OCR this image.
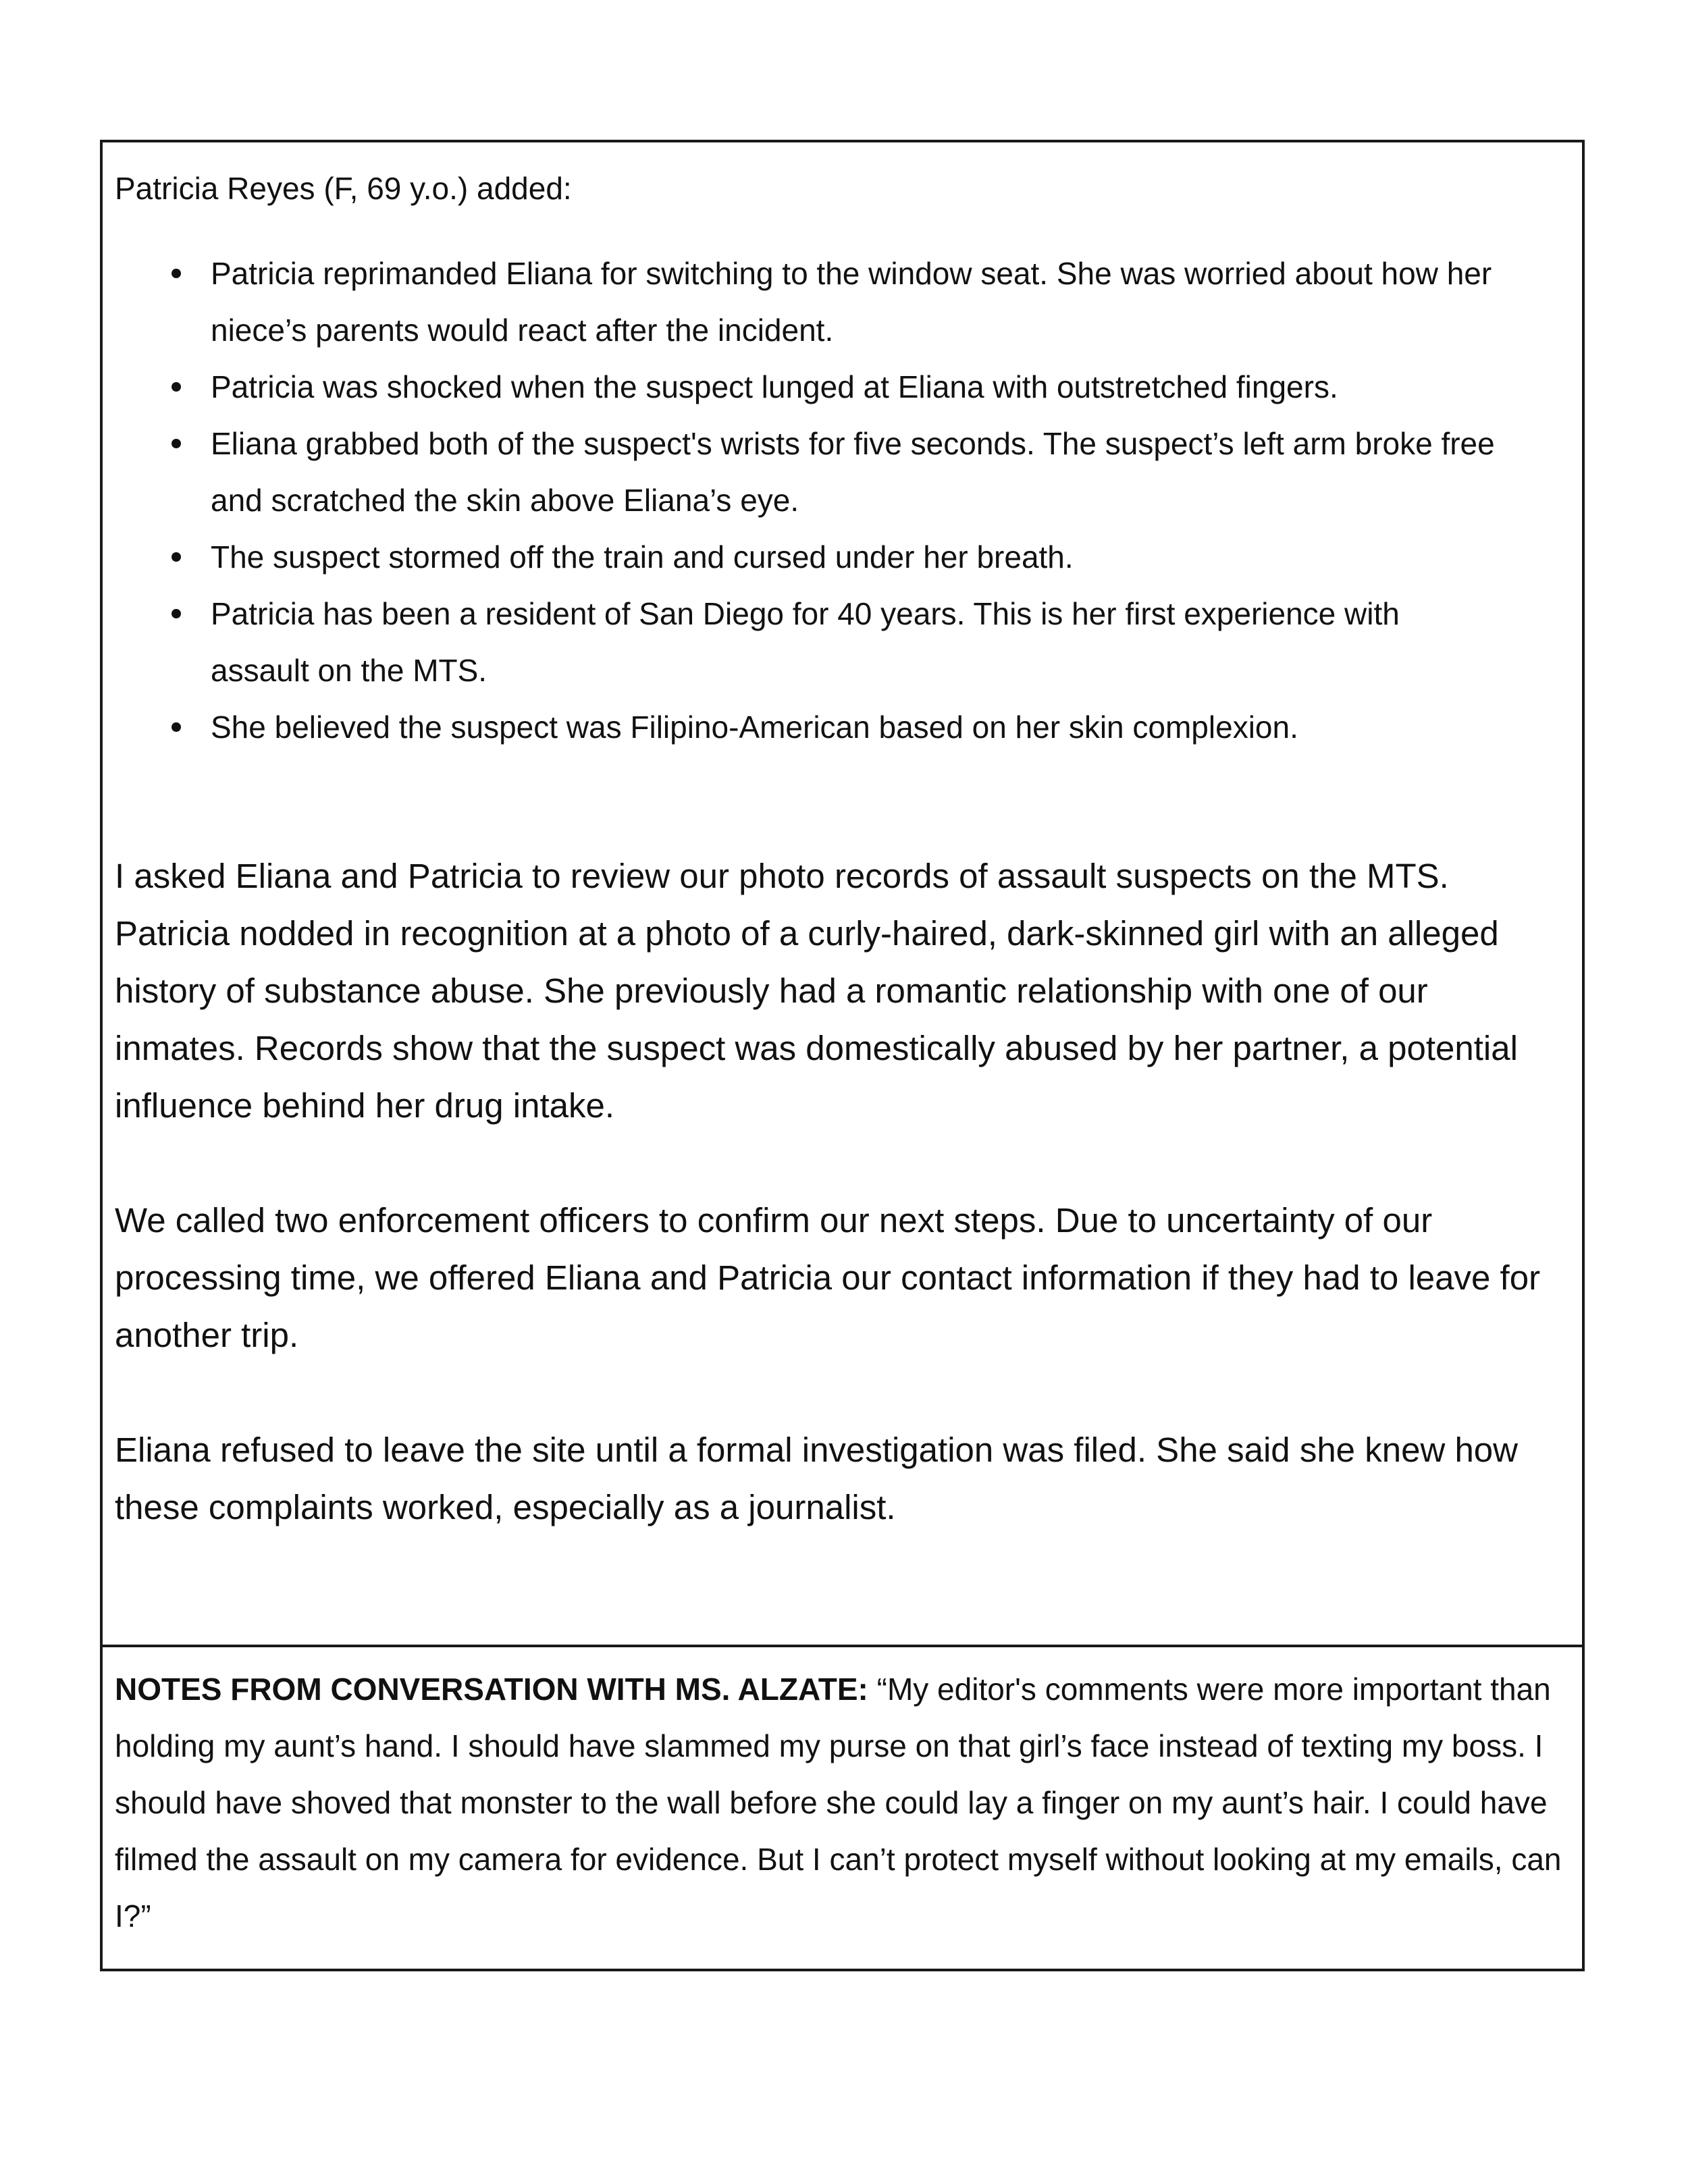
Patricia Reyes (F, 69 y.o.) added:

Patricia reprimanded Eliana for switching to the window seat. She was worried about how her niece’s parents would react after the incident.
Patricia was shocked when the suspect lunged at Eliana with outstretched fingers.
Eliana grabbed both of the suspect's wrists for five seconds. The suspect’s left arm broke free and scratched the skin above Eliana’s eye.
The suspect stormed off the train and cursed under her breath.
Patricia has been a resident of San Diego for 40 years. This is her first experience with assault on the MTS.
She believed the suspect was Filipino-American based on her skin complexion.

I asked Eliana and Patricia to review our photo records of assault suspects on the MTS. Patricia nodded in recognition at a photo of a curly-haired, dark-skinned girl with an alleged history of substance abuse. She previously had a romantic relationship with one of our inmates. Records show that the suspect was domestically abused by her partner, a potential influence behind her drug intake.

We called two enforcement officers to confirm our next steps. Due to uncertainty of our processing time, we offered Eliana and Patricia our contact information if they had to leave for another trip.

Eliana refused to leave the site until a formal investigation was filed. She said she knew how these complaints worked, especially as a journalist.

NOTES FROM CONVERSATION WITH MS. ALZATE: “My editor's comments were more important than holding my aunt’s hand. I should have slammed my purse on that girl’s face instead of texting my boss. I should have shoved that monster to the wall before she could lay a finger on my aunt’s hair. I could have filmed the assault on my camera for evidence. But I can’t protect myself without looking at my emails, can I?”
